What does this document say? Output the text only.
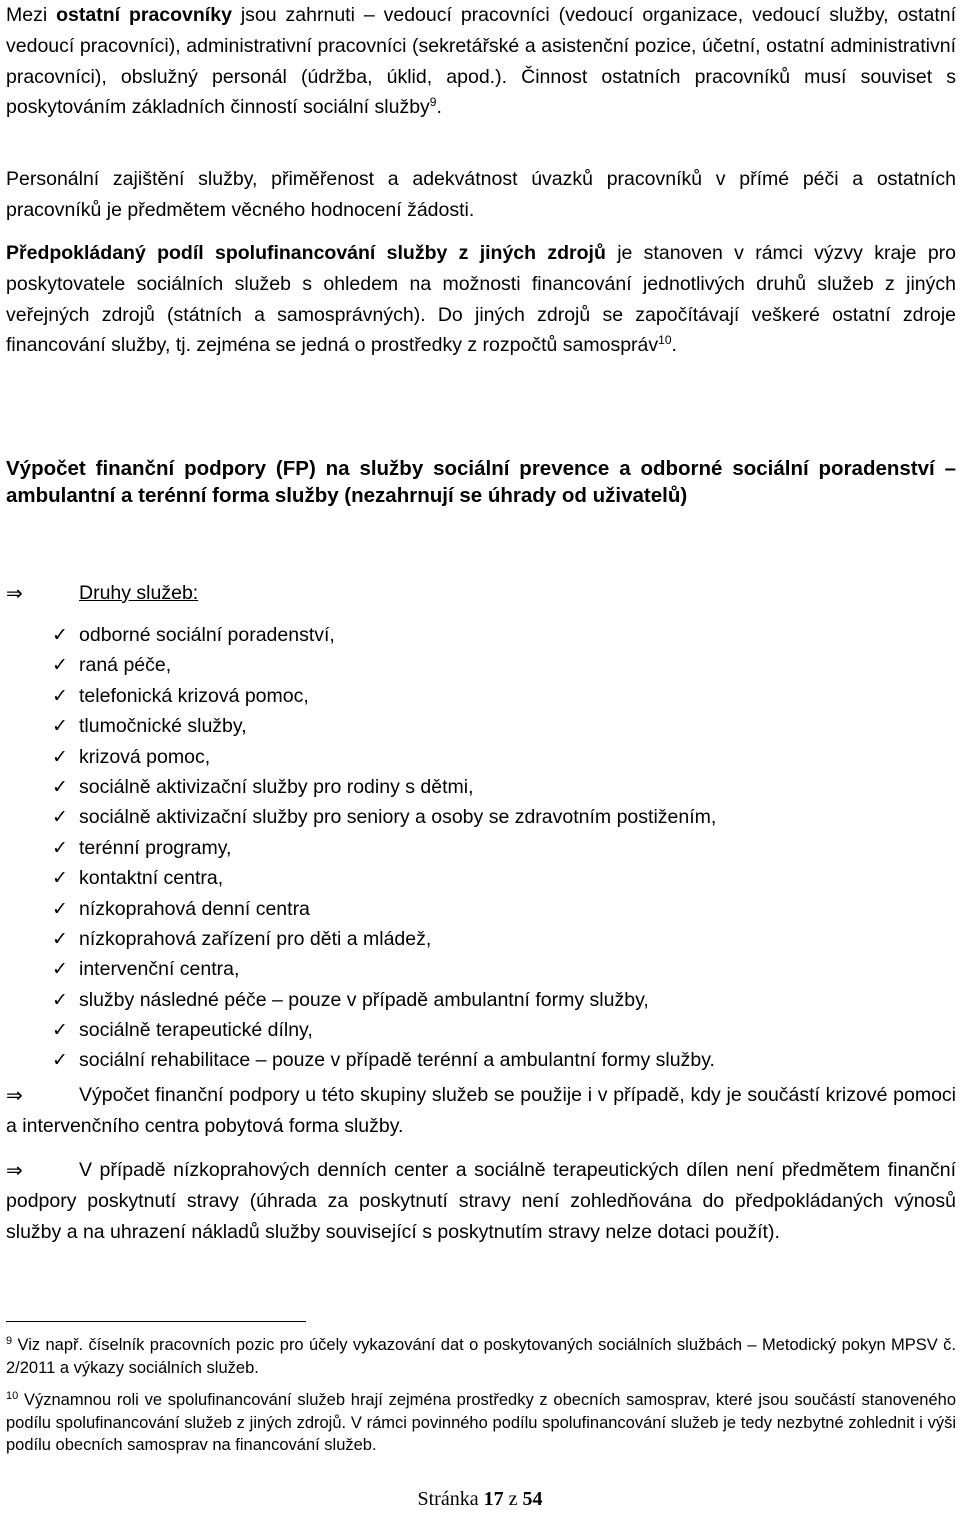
Mezi ostatní pracovníky jsou zahrnuti – vedoucí pracovníci (vedoucí organizace, vedoucí služby, ostatní vedoucí pracovníci), administrativní pracovníci (sekretářské a asistenční pozice, účetní, ostatní administrativní pracovníci), obslužný personál (údržba, úklid, apod.). Činnost ostatních pracovníků musí souviset s poskytováním základních činností sociální služby$^9$.

Personální zajištění služby, přiměřenost a adekvátnost úvazků pracovníků v přímé péči a ostatních pracovníků je předmětem věcného hodnocení žádosti.

Předpokládaný podíl spolufinancování služby z jiných zdrojů je stanoven v rámci výzvy kraje pro poskytovatele sociálních služeb s ohledem na možnosti financování jednotlivých druhů služeb z jiných veřejných zdrojů (státních a samosprávných). Do jiných zdrojů se započítávají veškeré ostatní zdroje financování služby, tj. zejména se jedná o prostředky z rozpočtů samospráv$^{10}$.

Výpočet finanční podpory (FP) na služby sociální prevence a odborné sociální poradenství – ambulantní a terénní forma služby (nezahrnují se úhrady od uživatelů)

⇒	Druhy služeb:

✓ odborné sociální poradenství,
✓ raná péče,
✓ telefonická krizová pomoc,
✓ tlumočnické služby,
✓ krizová pomoc,
✓ sociálně aktivizační služby pro rodiny s dětmi,
✓ sociálně aktivizační služby pro seniory a osoby se zdravotním postižením,
✓ terénní programy,
✓ kontaktní centra,
✓ nízkoprahová denní centra
✓ nízkoprahová zařízení pro děti a mládež,
✓ intervenční centra,
✓ služby následné péče – pouze v případě ambulantní formy služby,
✓ sociálně terapeutické dílny,
✓ sociální rehabilitace – pouze v případě terénní a ambulantní formy služby.

⇒	Výpočet finanční podpory u této skupiny služeb se použije i v případě, kdy je součástí krizové pomoci a intervenčního centra pobytová forma služby.

⇒	V případě nízkoprahových denních center a sociálně terapeutických dílen není předmětem finanční podpory poskytnutí stravy (úhrada za poskytnutí stravy není zohledňována do předpokládaných výnosů služby a na uhrazení nákladů služby související s poskytnutím stravy nelze dotaci použít).

$^9$ Viz např. číselník pracovních pozic pro účely vykazování dat o poskytovaných sociálních službách – Metodický pokyn MPSV č. 2/2011 a výkazy sociálních služeb.

$^{10}$ Významnou roli ve spolufinancování služeb hrají zejména prostředky z obecních samosprav, které jsou součástí stanoveného podílu spolufinancování služeb z jiných zdrojů. V rámci povinného podílu spolufinancování služeb je tedy nezbytné zohlednit i výši podílu obecních samosprav na financování služeb.

Stránka 17 z 54
